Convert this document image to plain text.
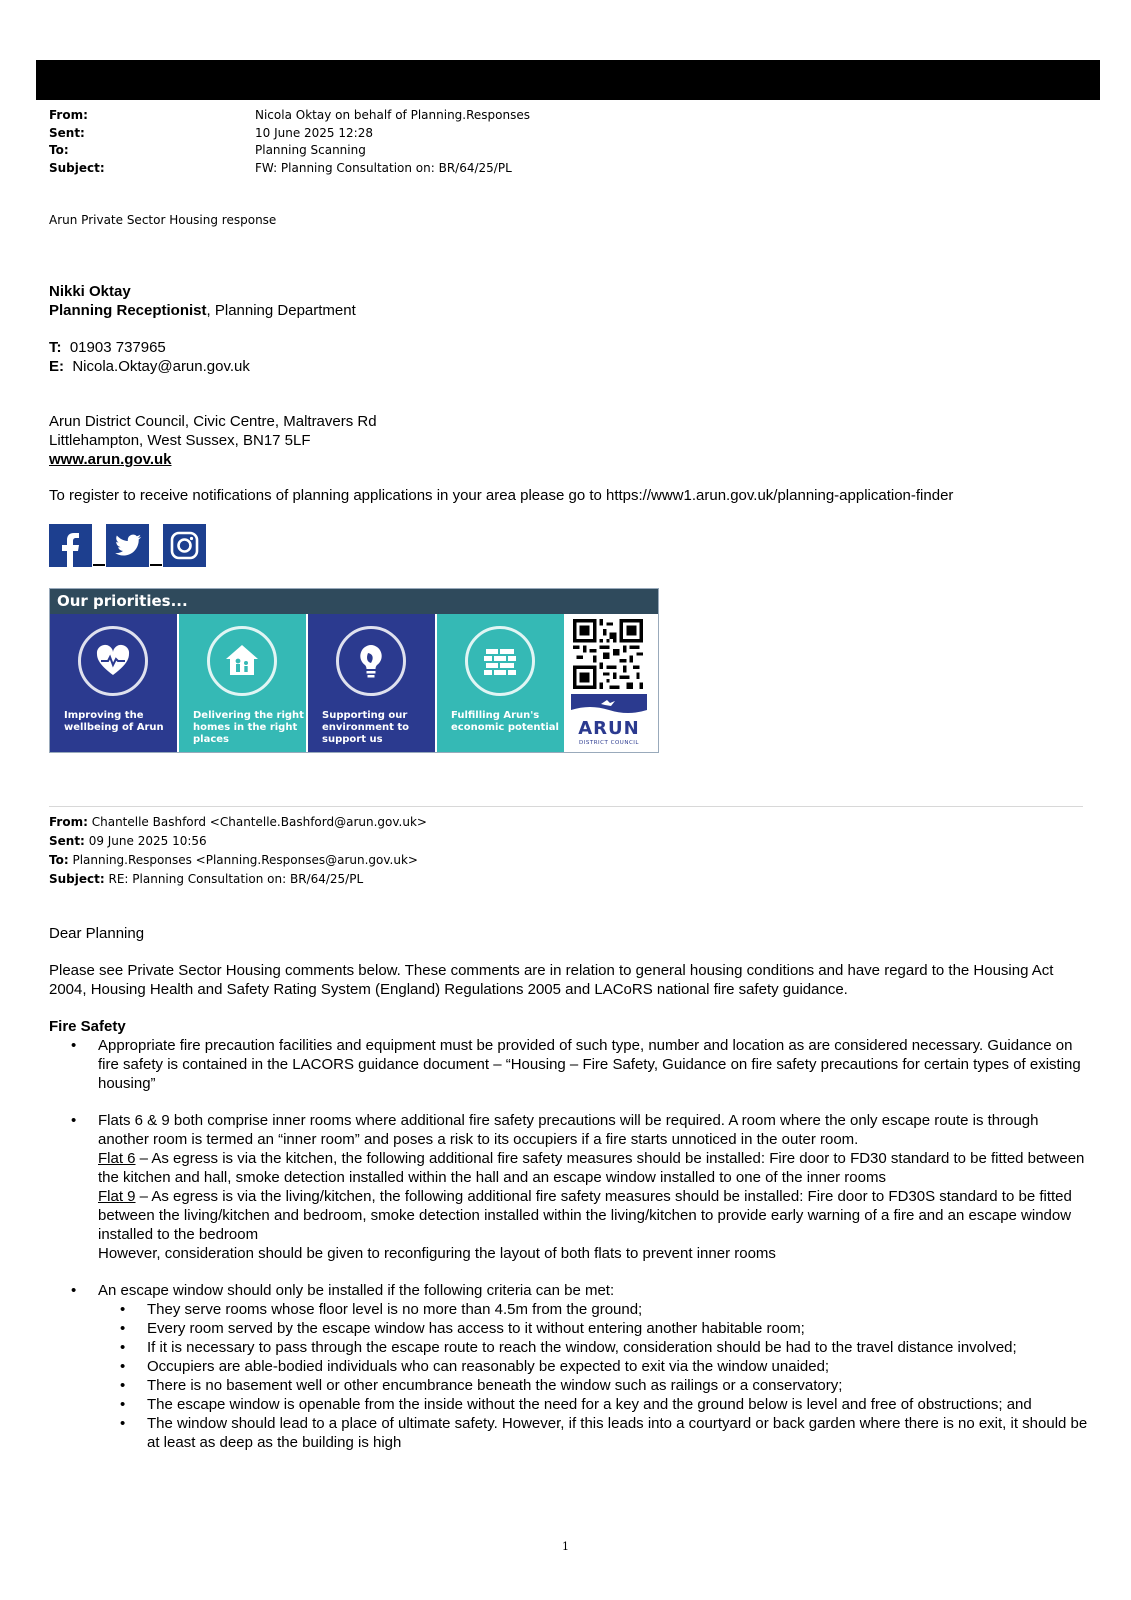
From:	Nicola Oktay on behalf of Planning.Responses
Sent:	10 June 2025 12:28
To:	Planning Scanning
Subject:	FW: Planning Consultation on: BR/64/25/PL
Arun Private Sector Housing response
Nikki Oktay
Planning Receptionist, Planning Department
T: 01903 737965
E: Nicola.Oktay@arun.gov.uk
Arun District Council, Civic Centre, Maltravers Rd
Littlehampton, West Sussex, BN17 5LF
www.arun.gov.uk
To register to receive notifications of planning applications in your area please go to https://www1.arun.gov.uk/planning-application-finder
Our priorities...
Improving the wellbeing of Arun
Delivering the right homes in the right places
Supporting our environment to support us
Fulfilling Arun's economic potential	ARUN
DISTRICT COUNCIL
From: Chantelle Bashford <Chantelle.Bashford@arun.gov.uk>
Sent: 09 June 2025 10:56
To: Planning.Responses <Planning.Responses@arun.gov.uk>
Subject: RE: Planning Consultation on: BR/64/25/PL
Dear Planning
Please see Private Sector Housing comments below. These comments are in relation to general housing conditions and have regard to the Housing Act 2004, Housing Health and Safety Rating System (England) Regulations 2005 and LACoRS national fire safety guidance.
Fire Safety
• Appropriate fire precaution facilities and equipment must be provided of such type, number and location as are considered necessary. Guidance on fire safety is contained in the LACORS guidance document – “Housing – Fire Safety, Guidance on fire safety precautions for certain types of existing housing”
• Flats 6 & 9 both comprise inner rooms where additional fire safety precautions will be required. A room where the only escape route is through another room is termed an “inner room” and poses a risk to its occupiers if a fire starts unnoticed in the outer room.
Flat 6 – As egress is via the kitchen, the following additional fire safety measures should be installed: Fire door to FD30 standard to be fitted between the kitchen and hall, smoke detection installed within the hall and an escape window installed to one of the inner rooms
Flat 9 – As egress is via the living/kitchen, the following additional fire safety measures should be installed: Fire door to FD30S standard to be fitted between the living/kitchen and bedroom, smoke detection installed within the living/kitchen to provide early warning of a fire and an escape window installed to the bedroom
However, consideration should be given to reconfiguring the layout of both flats to prevent inner rooms
• An escape window should only be installed if the following criteria can be met:
• They serve rooms whose floor level is no more than 4.5m from the ground;
• Every room served by the escape window has access to it without entering another habitable room;
• If it is necessary to pass through the escape route to reach the window, consideration should be had to the travel distance involved;
• Occupiers are able-bodied individuals who can reasonably be expected to exit via the window unaided;
• There is no basement well or other encumbrance beneath the window such as railings or a conservatory;
• The escape window is openable from the inside without the need for a key and the ground below is level and free of obstructions; and
• The window should lead to a place of ultimate safety. However, if this leads into a courtyard or back garden where there is no exit, it should be at least as deep as the building is high
1
